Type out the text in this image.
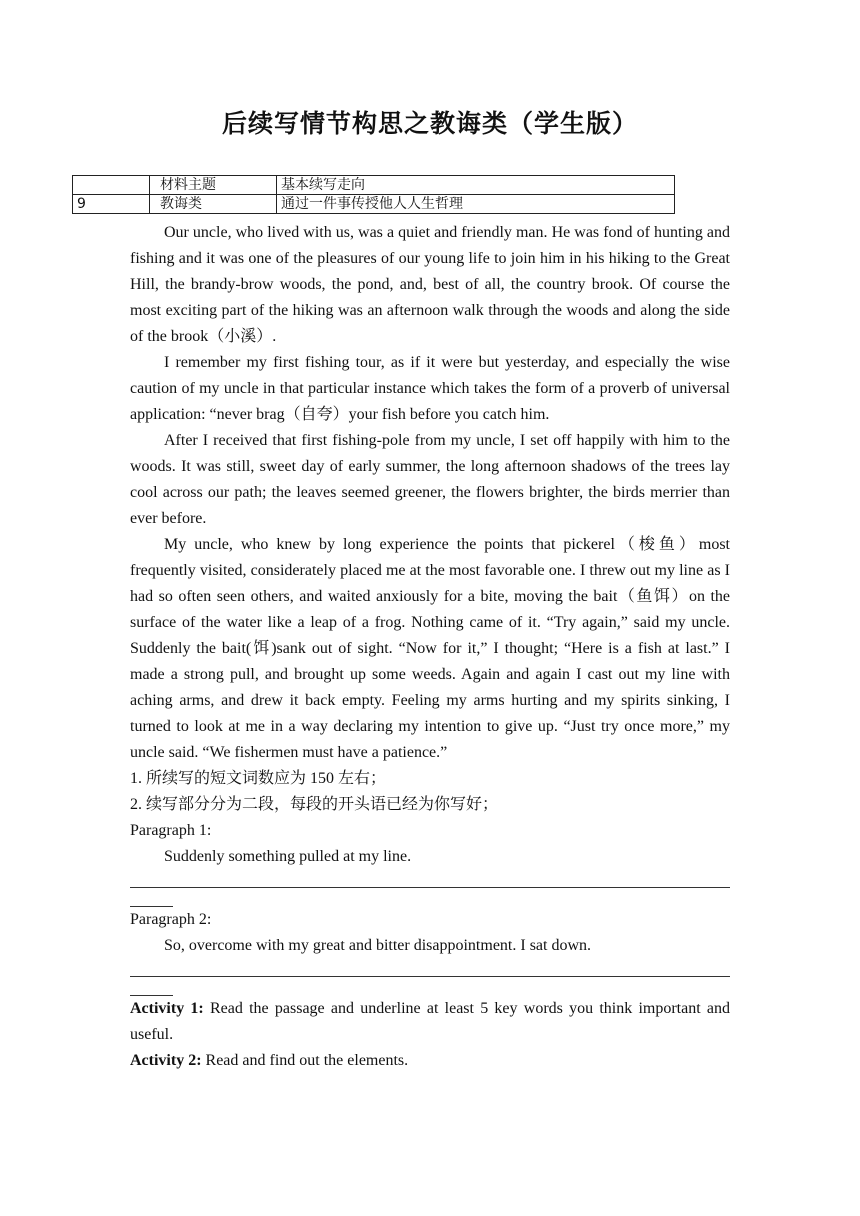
后续写情节构思之教诲类（学生版）
	材料主题	基本续写走向
9	教诲类	通过一件事传授他人人生哲理

Our uncle, who lived with us, was a quiet and friendly man. He was fond of hunting and fishing and it was one of the pleasures of our young life to join him in his hiking to the Great Hill, the brandy-brow woods, the pond, and, best of all, the country brook. Of course the most exciting part of the hiking was an afternoon walk through the woods and along the side of the brook（小溪）.

I remember my first fishing tour, as if it were but yesterday, and especially the wise caution of my uncle in that particular instance which takes the form of a proverb of universal application: “never brag（自夸）your fish before you catch him.

After I received that first fishing-pole from my uncle, I set off happily with him to the woods. It was still, sweet day of early summer, the long afternoon shadows of the trees lay cool across our path; the leaves seemed greener, the flowers brighter, the birds merrier than ever before.

My uncle, who knew by long experience the points that pickerel（梭鱼）most frequently visited, considerately placed me at the most favorable one. I threw out my line as I had so often seen others, and waited anxiously for a bite, moving the bait（鱼饵）on the surface of the water like a leap of a frog. Nothing came of it. “Try again,” said my uncle. Suddenly the bait(饵)sank out of sight. “Now for it,” I thought; “Here is a fish at last.” I made a strong pull, and brought up some weeds. Again and again I cast out my line with aching arms, and drew it back empty. Feeling my arms hurting and my spirits sinking, I turned to look at me in a way declaring my intention to give up. “Just try once more,” my uncle said. “We fishermen must have a patience.”

1. 所续写的短文词数应为 150 左右；

2. 续写部分分为二段，每段的开头语已经为你写好；

Paragraph 1:

Suddenly something pulled at my line.

Paragraph 2:

So, overcome with my great and bitter disappointment. I sat down.

Activity 1: Read the passage and underline at least 5 key words you think important and useful.

Activity 2: Read and find out the elements.
